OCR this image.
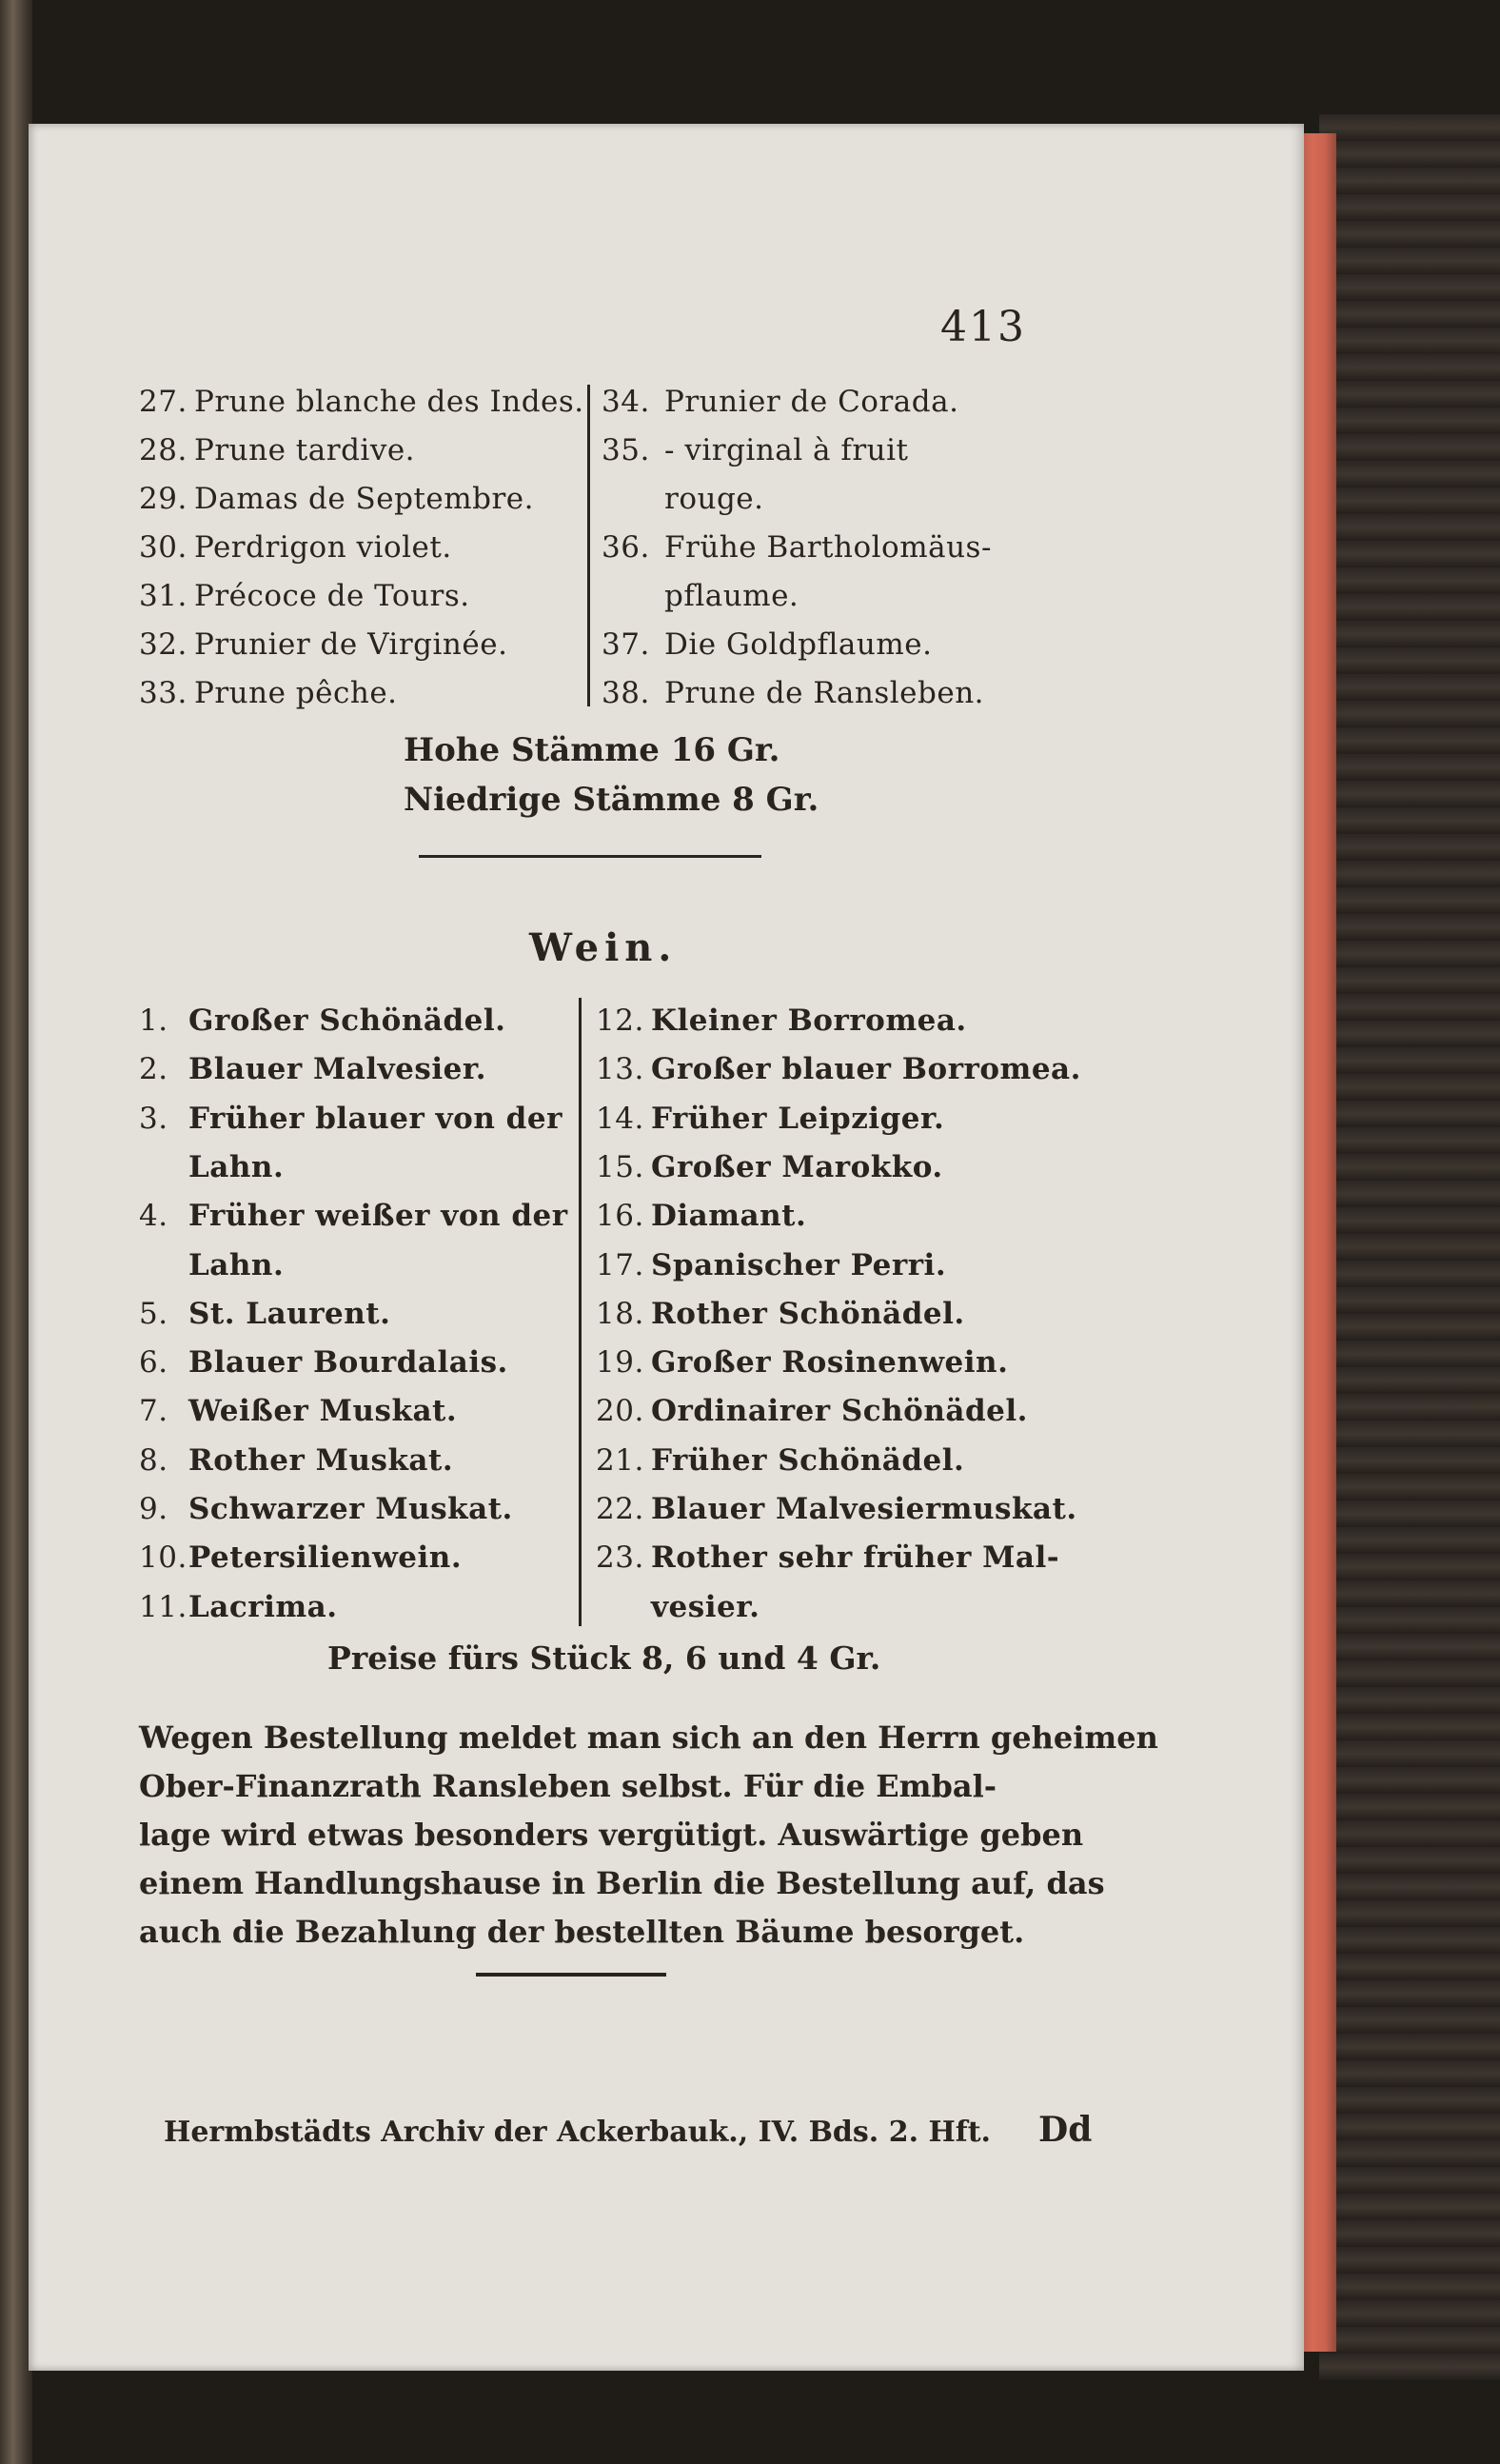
413
27. Prune blanche des Indes.
28. Prune tardive.
29. Damas de Septembre.
30. Perdrigon violet.
31. Précoce de Tours.
32. Prunier de Virginée.
33. Prune pêche.
34. Prunier de Corada.
35. - virginal à fruit
rouge.
36. Frühe Bartholomäus-
pflaume.
37. Die Goldpflaume.
38. Prune de Ransleben.
Hohe Stämme 16 Gr.
Niedrige Stämme 8 Gr.
Wein.
1. Großer Schönädel.
2. Blauer Malvesier.
3. Früher blauer von der
Lahn.
4. Früher weißer von der
Lahn.
5. St. Laurent.
6. Blauer Bourdalais.
7. Weißer Muskat.
8. Rother Muskat.
9. Schwarzer Muskat.
10.Petersilienwein.
11.Lacrima.
12. Kleiner Borromea.
13. Großer blauer Borromea.
14. Früher Leipziger.
15. Großer Marokko.
16. Diamant.
17. Spanischer Perri.
18. Rother Schönädel.
19. Großer Rosinenwein.
20. Ordinairer Schönädel.
21. Früher Schönädel.
22. Blauer Malvesiermuskat.
23. Rother sehr früher Mal-
vesier.
Preise fürs Stück 8, 6 und 4 Gr.
Wegen Bestellung meldet man sich an den Herrn geheimen
Ober-Finanzrath Ransleben selbst. Für die Embal-
lage wird etwas besonders vergütigt. Auswärtige geben
einem Handlungshause in Berlin die Bestellung auf, das
auch die Bezahlung der bestellten Bäume besorget.
Hermbstädts Archiv der Ackerbauk., IV. Bds. 2. Hft. Dd
